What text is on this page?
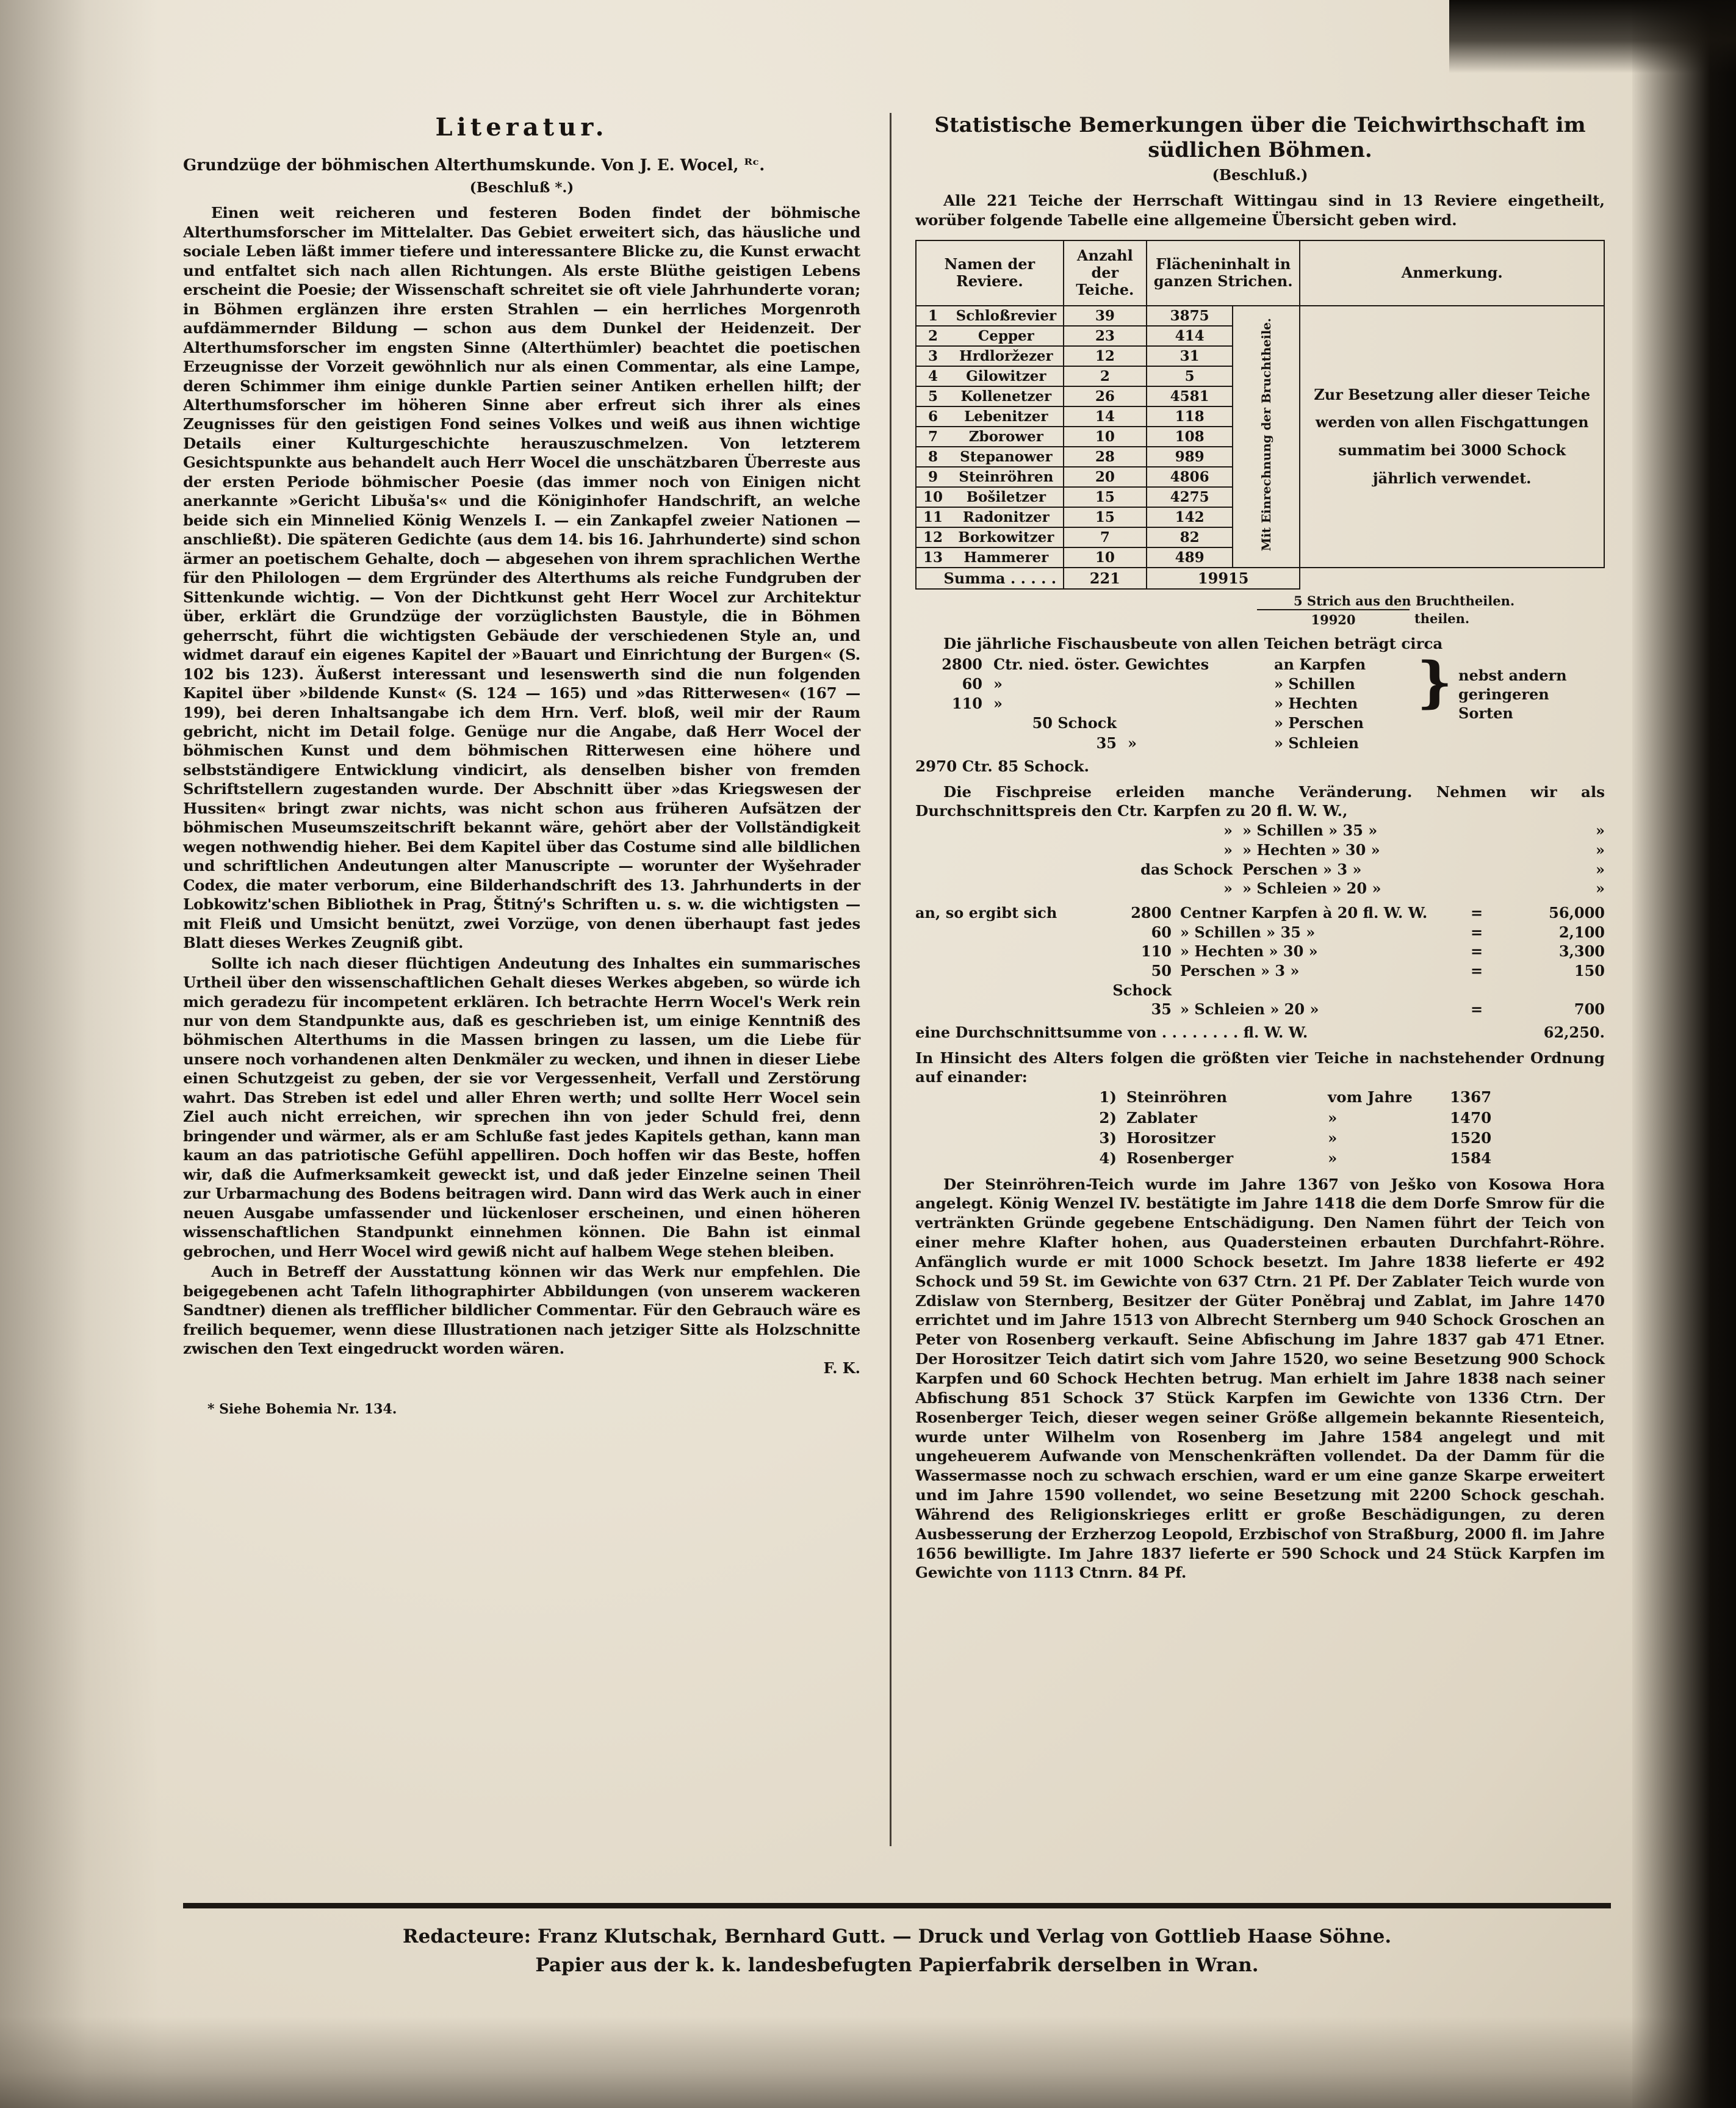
Literatur.
Grundzüge der böhmischen Alterthumskunde. Von J. E. Wocel, ᴿᶜ.
(Beschluß *.)

Einen weit reicheren und festeren Boden findet der böhmische Alterthumsforscher im Mittelalter. Das Gebiet erweitert sich, das häusliche und sociale Leben läßt immer tiefere und interessantere Blicke zu, die Kunst erwacht und entfaltet sich nach allen Richtungen. Als erste Blüthe geistigen Lebens erscheint die Poesie; der Wissenschaft schreitet sie oft viele Jahrhunderte voran; in Böhmen erglänzen ihre ersten Strahlen — ein herrliches Morgenroth aufdämmernder Bildung — schon aus dem Dunkel der Heidenzeit. Der Alterthumsforscher im engsten Sinne (Alterthümler) beachtet die poetischen Erzeugnisse der Vorzeit gewöhnlich nur als einen Commentar, als eine Lampe, deren Schimmer ihm einige dunkle Partien seiner Antiken erhellen hilft; der Alterthumsforscher im höheren Sinne aber erfreut sich ihrer als eines Zeugnisses für den geistigen Fond seines Volkes und weiß aus ihnen wichtige Details einer Kulturgeschichte herauszuschmelzen. Von letzterem Gesichtspunkte aus behandelt auch Herr Wocel die unschätzbaren Überreste aus der ersten Periode böhmischer Poesie (das immer noch von Einigen nicht anerkannte »Gericht Libuša's« und die Königinhofer Handschrift, an welche beide sich ein Minnelied König Wenzels I. — ein Zankapfel zweier Nationen — anschließt). Die späteren Gedichte (aus dem 14. bis 16. Jahrhunderte) sind schon ärmer an poetischem Gehalte, doch — abgesehen von ihrem sprachlichen Werthe für den Philologen — dem Ergründer des Alterthums als reiche Fundgruben der Sittenkunde wichtig. — Von der Dichtkunst geht Herr Wocel zur Architektur über, erklärt die Grundzüge der vorzüglichsten Baustyle, die in Böhmen geherrscht, führt die wichtigsten Gebäude der verschiedenen Style an, und widmet darauf ein eigenes Kapitel der »Bauart und Einrichtung der Burgen« (S. 102 bis 123). Äußerst interessant und lesenswerth sind die nun folgenden Kapitel über »bildende Kunst« (S. 124 — 165) und »das Ritterwesen« (167 — 199), bei deren Inhaltsangabe ich dem Hrn. Verf. bloß, weil mir der Raum gebricht, nicht im Detail folge. Genüge nur die Angabe, daß Herr Wocel der böhmischen Kunst und dem böhmischen Ritterwesen eine höhere und selbstständigere Entwicklung vindicirt, als denselben bisher von fremden Schriftstellern zugestanden wurde. Der Abschnitt über »das Kriegswesen der Hussiten« bringt zwar nichts, was nicht schon aus früheren Aufsätzen der böhmischen Museumszeitschrift bekannt wäre, gehört aber der Vollständigkeit wegen nothwendig hieher. Bei dem Kapitel über das Costume sind alle bildlichen und schriftlichen Andeutungen alter Manuscripte — worunter der Wyšehrader Codex, die mater verborum, eine Bilderhandschrift des 13. Jahrhunderts in der Lobkowitz'schen Bibliothek in Prag, Štitný's Schriften u. s. w. die wichtigsten — mit Fleiß und Umsicht benützt, zwei Vorzüge, von denen überhaupt fast jedes Blatt dieses Werkes Zeugniß gibt.

Sollte ich nach dieser flüchtigen Andeutung des Inhaltes ein summarisches Urtheil über den wissenschaftlichen Gehalt dieses Werkes abgeben, so würde ich mich geradezu für incompetent erklären. Ich betrachte Herrn Wocel's Werk rein nur von dem Standpunkte aus, daß es geschrieben ist, um einige Kenntniß des böhmischen Alterthums in die Massen bringen zu lassen, um die Liebe für unsere noch vorhandenen alten Denkmäler zu wecken, und ihnen in dieser Liebe einen Schutzgeist zu geben, der sie vor Vergessenheit, Verfall und Zerstörung wahrt. Das Streben ist edel und aller Ehren werth; und sollte Herr Wocel sein Ziel auch nicht erreichen, wir sprechen ihn von jeder Schuld frei, denn bringender und wärmer, als er am Schluße fast jedes Kapitels gethan, kann man kaum an das patriotische Gefühl appelliren. Doch hoffen wir das Beste, hoffen wir, daß die Aufmerksamkeit geweckt ist, und daß jeder Einzelne seinen Theil zur Urbarmachung des Bodens beitragen wird. Dann wird das Werk auch in einer neuen Ausgabe umfassender und lückenloser erscheinen, und einen höheren wissenschaftlichen Standpunkt einnehmen können. Die Bahn ist einmal gebrochen, und Herr Wocel wird gewiß nicht auf halbem Wege stehen bleiben.

Auch in Betreff der Ausstattung können wir das Werk nur empfehlen. Die beigegebenen acht Tafeln lithographirter Abbildungen (von unserem wackeren Sandtner) dienen als trefflicher bildlicher Commentar. Für den Gebrauch wäre es freilich bequemer, wenn diese Illustrationen nach jetziger Sitte als Holzschnitte zwischen den Text eingedruckt worden wären.

F. K.
* Siehe Bohemia Nr. 134.
Statistische Bemerkungen über die Teichwirthschaft im südlichen Böhmen.
(Beschluß.)

Alle 221 Teiche der Herrschaft Wittingau sind in 13 Reviere eingetheilt, worüber folgende Tabelle eine allgemeine Übersicht geben wird.

Namen der Reviere.		Anzahl der Teiche.	Flächeninhalt in ganzen Strichen.		Anmerkung.
1	Schloßrevier	39	3875	Mit Einrechnung der Bruchtheile.	Zur Besetzung aller dieser Teiche werden von allen Fischgattungen summatim bei 3000 Schock jährlich verwendet.
2	Cepper	23	414		
3	Hrdloržezer	12	31		
4	Gilowitzer	2	5		
5	Kollenetzer	26	4581		
6	Lebenitzer	14	118		
7	Zborower	10	108		
8	Stepanower	28	989		
9	Steinröhren	20	4806		
10	Bošiletzer	15	4275		
11	Radonitzer	15	142		
12	Borkowitzer	7	82		
13	Hammerer	10	489		
Summa . . . . .		221	19915		
5 Strich aus den Bruchtheilen.
19920	theilen.

Die jährliche Fischausbeute von allen Teichen beträgt circa

} nebst andern geringeren Sorten
2800 Ctr. nied. öster. Gewichtes	an Karpfen
60 »	» Schillen
110 »	» Hechten
50 Schock	» Perschen
35 »	» Schleien
2970 Ctr. 85 Schock.

Die Fischpreise erleiden manche Veränderung. Nehmen wir als Durchschnittspreis den Ctr. Karpfen zu 20 fl. W. W.,

» » Schillen » 35 »	»
» » Hechten » 30 »	»
das Schock Perschen » 3 »	»
» » Schleien » 20 »	»
an, so ergibt sich	2800 Centner Karpfen à 20 fl. W. W.	=	56,000
60 » Schillen » 35 »	=	2,100
110 » Hechten » 30 »	=	3,300
50 Schock
Perschen » 3 »	=	150
35 » Schleien » 20 »	=	700
eine Durchschnittsumme von . . . . . . . . fl. W. W.	62,250.

In Hinsicht des Alters folgen die größten vier Teiche in nachstehender Ordnung auf einander:

1) Steinröhren	vom Jahre	1367
2) Zablater	»	1470
3) Horositzer	»	1520
4) Rosenberger	»	1584

Der Steinröhren-Teich wurde im Jahre 1367 von Ješko von Kosowa Hora angelegt. König Wenzel IV. bestätigte im Jahre 1418 die dem Dorfe Smrow für die vertränkten Gründe gegebene Entschädigung. Den Namen führt der Teich von einer mehre Klafter hohen, aus Quadersteinen erbauten Durchfahrt-Röhre. Anfänglich wurde er mit 1000 Schock besetzt. Im Jahre 1838 lieferte er 492 Schock und 59 St. im Gewichte von 637 Ctrn. 21 Pf. Der Zablater Teich wurde von Zdislaw von Sternberg, Besitzer der Güter Poněbraj und Zablat, im Jahre 1470 errichtet und im Jahre 1513 von Albrecht Sternberg um 940 Schock Groschen an Peter von Rosenberg verkauft. Seine Abfischung im Jahre 1837 gab 471 Etner. Der Horositzer Teich datirt sich vom Jahre 1520, wo seine Besetzung 900 Schock Karpfen und 60 Schock Hechten betrug. Man erhielt im Jahre 1838 nach seiner Abfischung 851 Schock 37 Stück Karpfen im Gewichte von 1336 Ctrn. Der Rosenberger Teich, dieser wegen seiner Größe allgemein bekannte Riesenteich, wurde unter Wilhelm von Rosenberg im Jahre 1584 angelegt und mit ungeheuerem Aufwande von Menschenkräften vollendet. Da der Damm für die Wassermasse noch zu schwach erschien, ward er um eine ganze Skarpe erweitert und im Jahre 1590 vollendet, wo seine Besetzung mit 2200 Schock geschah. Während des Religionskrieges erlitt er große Beschädigungen, zu deren Ausbesserung der Erzherzog Leopold, Erzbischof von Straßburg, 2000 fl. im Jahre 1656 bewilligte. Im Jahre 1837 lieferte er 590 Schock und 24 Stück Karpfen im Gewichte von 1113 Ctnrn. 84 Pf.

Redacteure: Franz Klutschak, Bernhard Gutt. — Druck und Verlag von Gottlieb Haase Söhne.
Papier aus der k. k. landesbefugten Papierfabrik derselben in Wran.
